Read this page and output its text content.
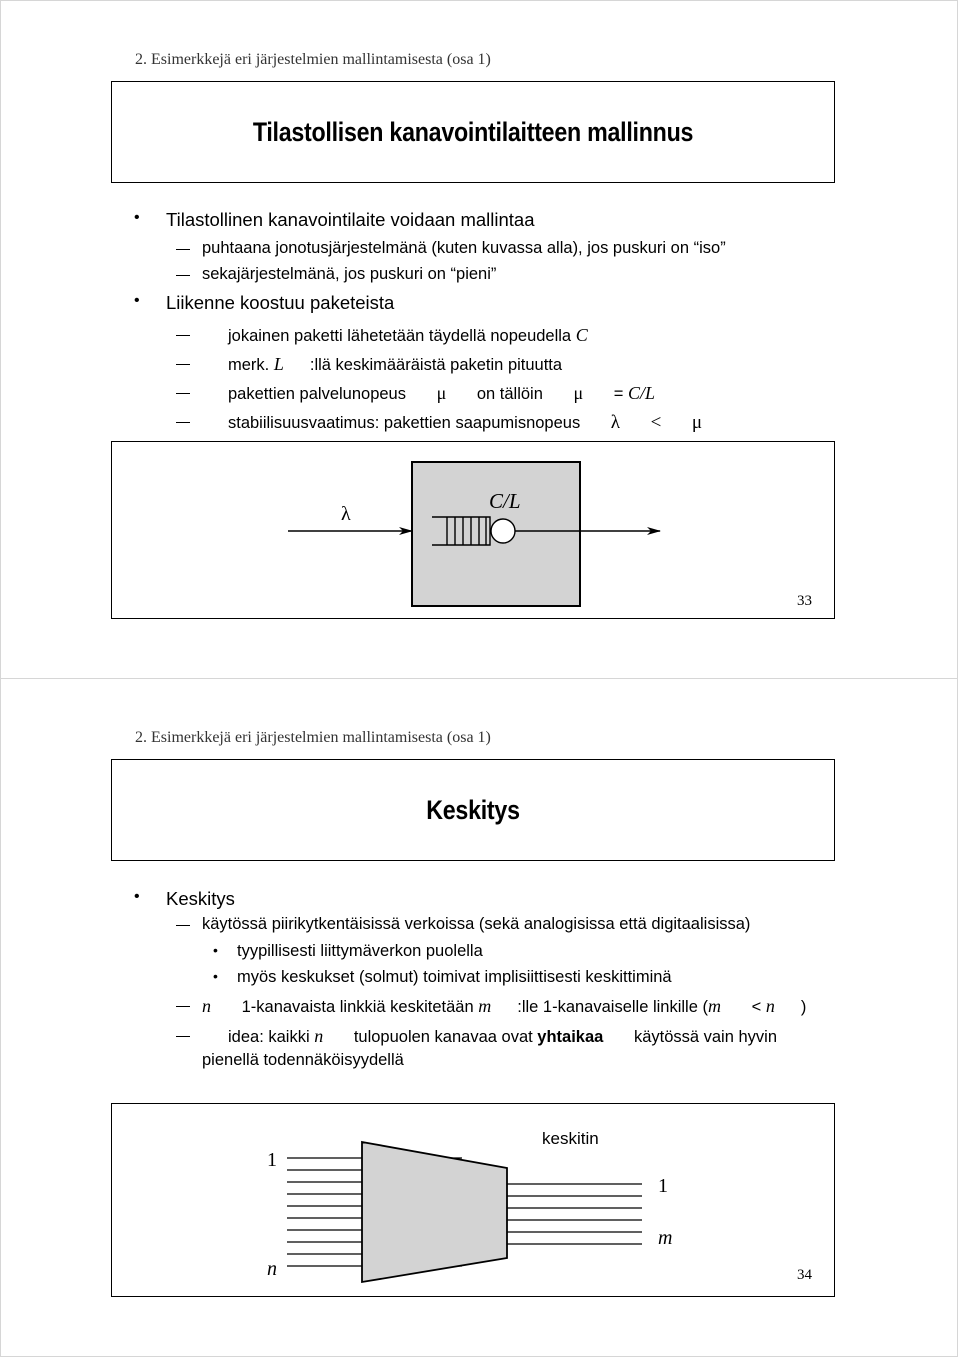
2. Esimerkkejä eri järjestelmien mallintamisesta (osa 1)
Tilastollisen kanavointilaitteen mallinnus
• Tilastollinen kanavointilaite voidaan mallintaa
puhtaana jonotusjärjestelmänä (kuten kuvassa alla), jos puskuri on “iso”
sekajärjestelmänä, jos puskuri on “pieni”
• Liikenne koostuu paketeista
jokainen paketti lähetetään täydellä nopeudella C
merk. L :llä keskimääräistä paketin pituutta
pakettien palvelunopeus μ on tällöin μ = C/L
stabiilisuusvaatimus: pakettien saapumisnopeus λ < μ
λ
C/L
33
2. Esimerkkejä eri järjestelmien mallintamisesta (osa 1)
Keskitys
• Keskitys
käytössä piirikytkentäisissä verkoissa (sekä analogisissa että digitaalisissa)
• tyypillisesti liittymäverkon puolella
• myös keskukset (solmut) toimivat implisiittisesti keskittiminä
n 1-kanavaista linkkiä keskitetään m :lle 1-kanavaiselle linkille (m < n )
idea: kaikki n tulopuolen kanavaa ovat yhtaikaa käytössä vain hyvin
pienellä todennäköisyydellä
keskitin
1
n
1
m
34
